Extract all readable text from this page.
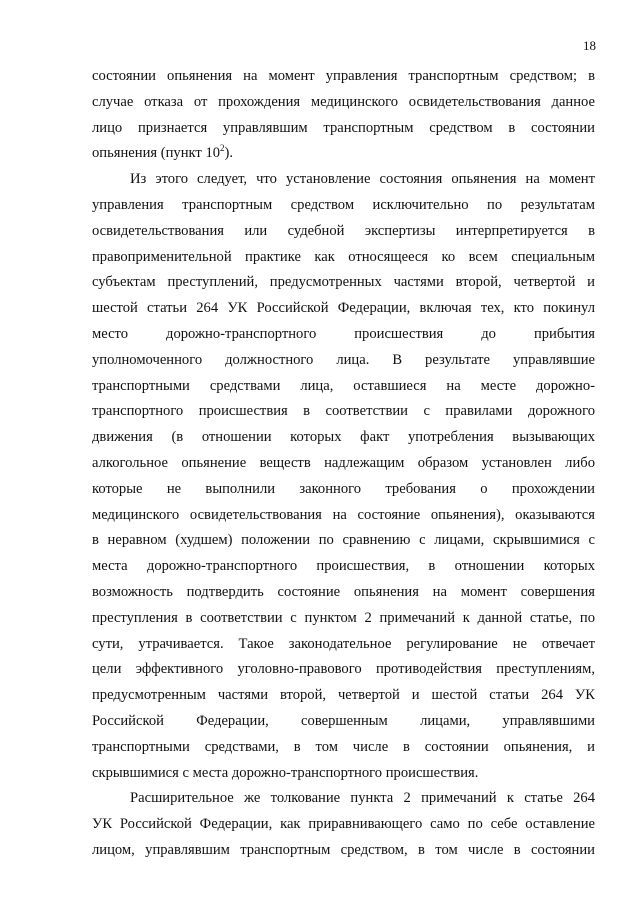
18
состоянии опьянения на момент управления транспортным средством; в
случае отказа от прохождения медицинского освидетельствования данное
лицо признается управлявшим транспортным средством в состоянии
опьянения (пункт $10^2$).
Из этого следует, что установление состояния опьянения на момент
управления транспортным средством исключительно по результатам
освидетельствования или судебной экспертизы интерпретируется в
правоприменительной практике как относящееся ко всем специальным
субъектам преступлений, предусмотренных частями второй, четвертой и
шестой статьи 264 УК Российской Федерации, включая тех, кто покинул
место дорожно-транспортного происшествия до прибытия
уполномоченного должностного лица. В результате управлявшие
транспортными средствами лица, оставшиеся на месте дорожно-
транспортного происшествия в соответствии с правилами дорожного
движения (в отношении которых факт употребления вызывающих
алкогольное опьянение веществ надлежащим образом установлен либо
которые не выполнили законного требования о прохождении
медицинского освидетельствования на состояние опьянения), оказываются
в неравном (худшем) положении по сравнению с лицами, скрывшимися с
места дорожно-транспортного происшествия, в отношении которых
возможность подтвердить состояние опьянения на момент совершения
преступления в соответствии с пунктом 2 примечаний к данной статье, по
сути, утрачивается. Такое законодательное регулирование не отвечает
цели эффективного уголовно-правового противодействия преступлениям,
предусмотренным частями второй, четвертой и шестой статьи 264 УК
Российской Федерации, совершенным лицами, управлявшими
транспортными средствами, в том числе в состоянии опьянения, и
скрывшимися с места дорожно-транспортного происшествия.
Расширительное же толкование пункта 2 примечаний к статье 264
УК Российской Федерации, как приравнивающего само по себе оставление
лицом, управлявшим транспортным средством, в том числе в состоянии
